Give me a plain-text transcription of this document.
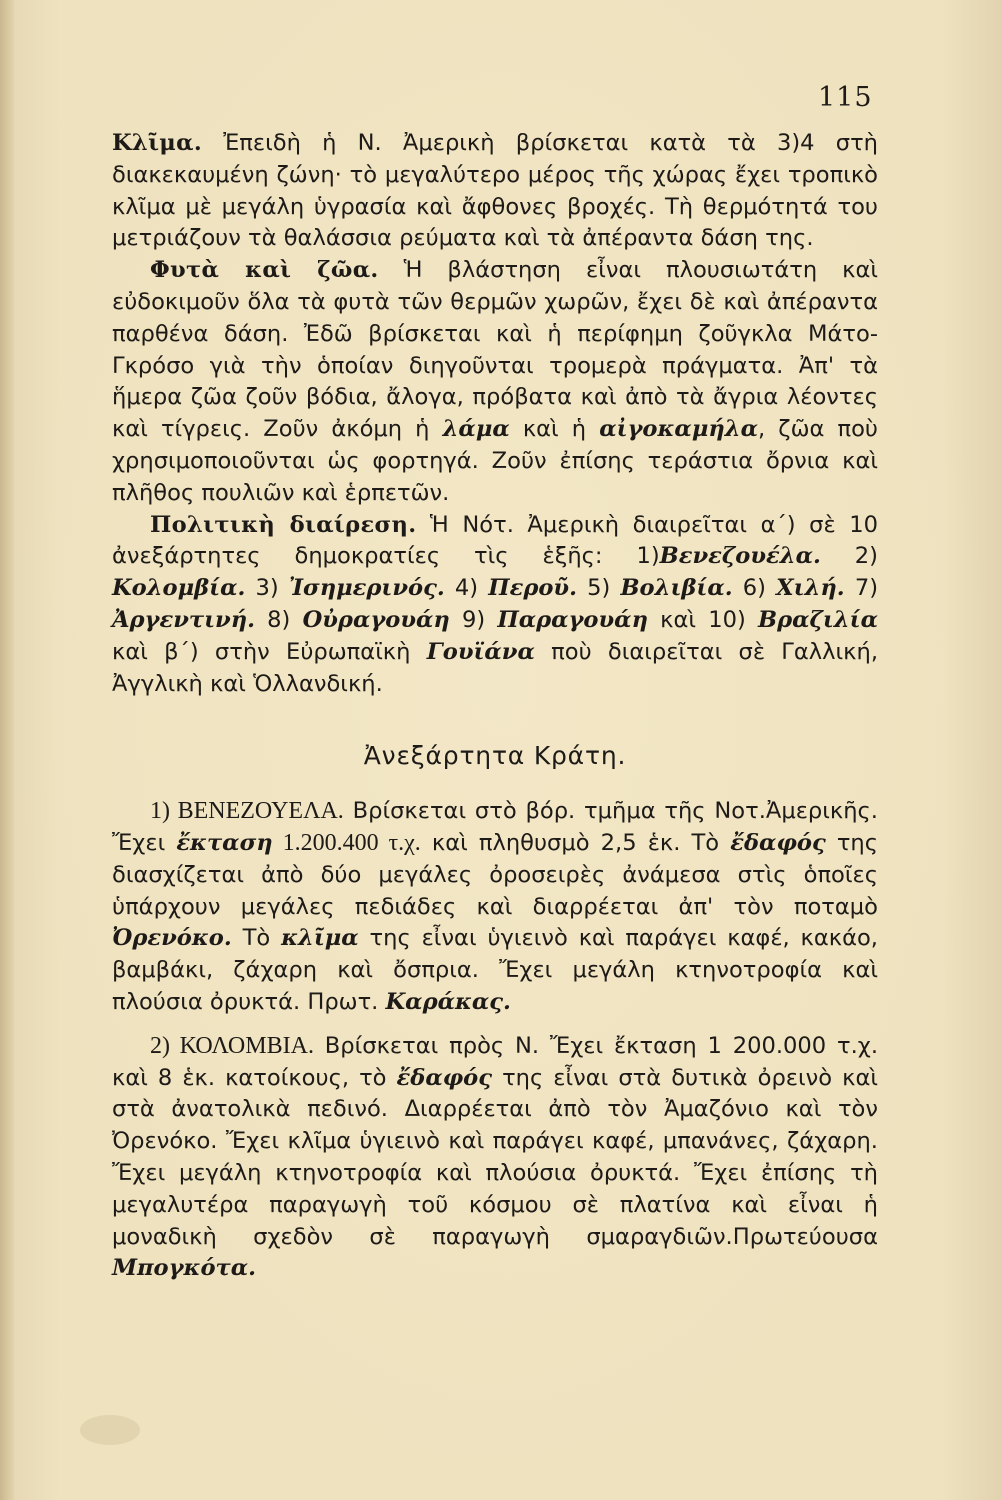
115

Κλῖμα. Ἐπειδὴ ἡ Ν. Ἀμερικὴ βρίσκεται κατὰ τὰ 3)4 στὴ διακεκαυμένη ζώνη· τὸ μεγαλύτερο μέρος τῆς χώρας ἔχει τροπικὸ κλῖμα μὲ μεγάλη ὑγρασία καὶ ἄφθονες βροχές. Τὴ θερμότητά του μετριάζουν τὰ θαλάσσια ρεύματα καὶ τὰ ἀπέραντα δάση της.

Φυτὰ καὶ ζῶα. Ἡ βλάστηση εἶναι πλουσιωτάτη καὶ εὐδοκιμοῦν ὅλα τὰ φυτὰ τῶν θερμῶν χωρῶν, ἔχει δὲ καὶ ἀπέραντα παρθένα δάση. Ἐδῶ βρίσκεται καὶ ἡ περίφημη ζοῦγκλα Μάτο-Γκρόσο γιὰ τὴν ὁποίαν διηγοῦνται τρομερὰ πράγματα. Ἀπ' τὰ ἥμερα ζῶα ζοῦν βόδια, ἄλογα, πρόβατα καὶ ἀπὸ τὰ ἄγρια λέοντες καὶ τίγρεις. Ζοῦν ἀκόμη ἡ λάμα καὶ ἡ αἰγοκαμήλα, ζῶα ποὺ χρησιμοποιοῦνται ὡς φορτηγά. Ζοῦν ἐπίσης τεράστια ὄρνια καὶ πλῆθος πουλιῶν καὶ ἑρπετῶν.

Πολιτικὴ διαίρεση. Ἡ Νότ. Ἀμερικὴ διαιρεῖται α΄) σὲ 10 ἀνεξάρτητες δημοκρατίες τὶς ἑξῆς: 1)Βενεζουέλα. 2) Κολομβία. 3) Ἰσημερινός. 4) Περοῦ. 5) Βολιβία. 6) Χιλή. 7) Ἀργεντινή. 8) Οὐραγουάη 9) Παραγουάη καὶ 10) Βραζιλία καὶ β΄) στὴν Εὐρωπαϊκὴ Γουϊάνα ποὺ διαιρεῖται σὲ Γαλλική, Ἀγγλικὴ καὶ Ὁλλανδική.

Ἀνεξάρτητα Κράτη.

1) ΒΕΝΕΖΟΥΕΛΑ. Βρίσκεται στὸ βόρ. τμῆμα τῆς Νοτ.Ἀμερικῆς. Ἔχει ἔκταση 1.200.400 τ.χ. καὶ πληθυσμὸ 2,5 ἑκ. Τὸ ἔδαφός της διασχίζεται ἀπὸ δύο μεγάλες ὀροσειρὲς ἀνάμεσα στὶς ὁποῖες ὑπάρχουν μεγάλες πεδιάδες καὶ διαρρέεται ἀπ' τὸν ποταμὸ Ὀρενόκο. Τὸ κλῖμα της εἶναι ὑγιεινὸ καὶ παράγει καφέ, κακάο, βαμβάκι, ζάχαρη καὶ ὄσπρια. Ἔχει μεγάλη κτηνοτροφία καὶ πλούσια ὀρυκτά. Πρωτ. Καράκας.

2) ΚΟΛΟΜΒΙΑ. Βρίσκεται πρὸς Ν. Ἔχει ἔκταση 1 200.000 τ.χ. καὶ 8 ἑκ. κατοίκους, τὸ ἔδαφός της εἶναι στὰ δυτικὰ ὀρεινὸ καὶ στὰ ἀνατολικὰ πεδινό. Διαρρέεται ἀπὸ τὸν Ἀμαζόνιο καὶ τὸν Ὀρενόκο. Ἔχει κλῖμα ὑγιεινὸ καὶ παράγει καφέ, μπανάνες, ζάχαρη. Ἔχει μεγάλη κτηνοτροφία καὶ πλούσια ὀρυκτά. Ἔχει ἐπίσης τὴ μεγαλυτέρα παραγωγὴ τοῦ κόσμου σὲ πλατίνα καὶ εἶναι ἡ μοναδικὴ σχεδὸν σὲ παραγωγὴ σμαραγδιῶν.Πρωτεύουσα Μπογκότα.
